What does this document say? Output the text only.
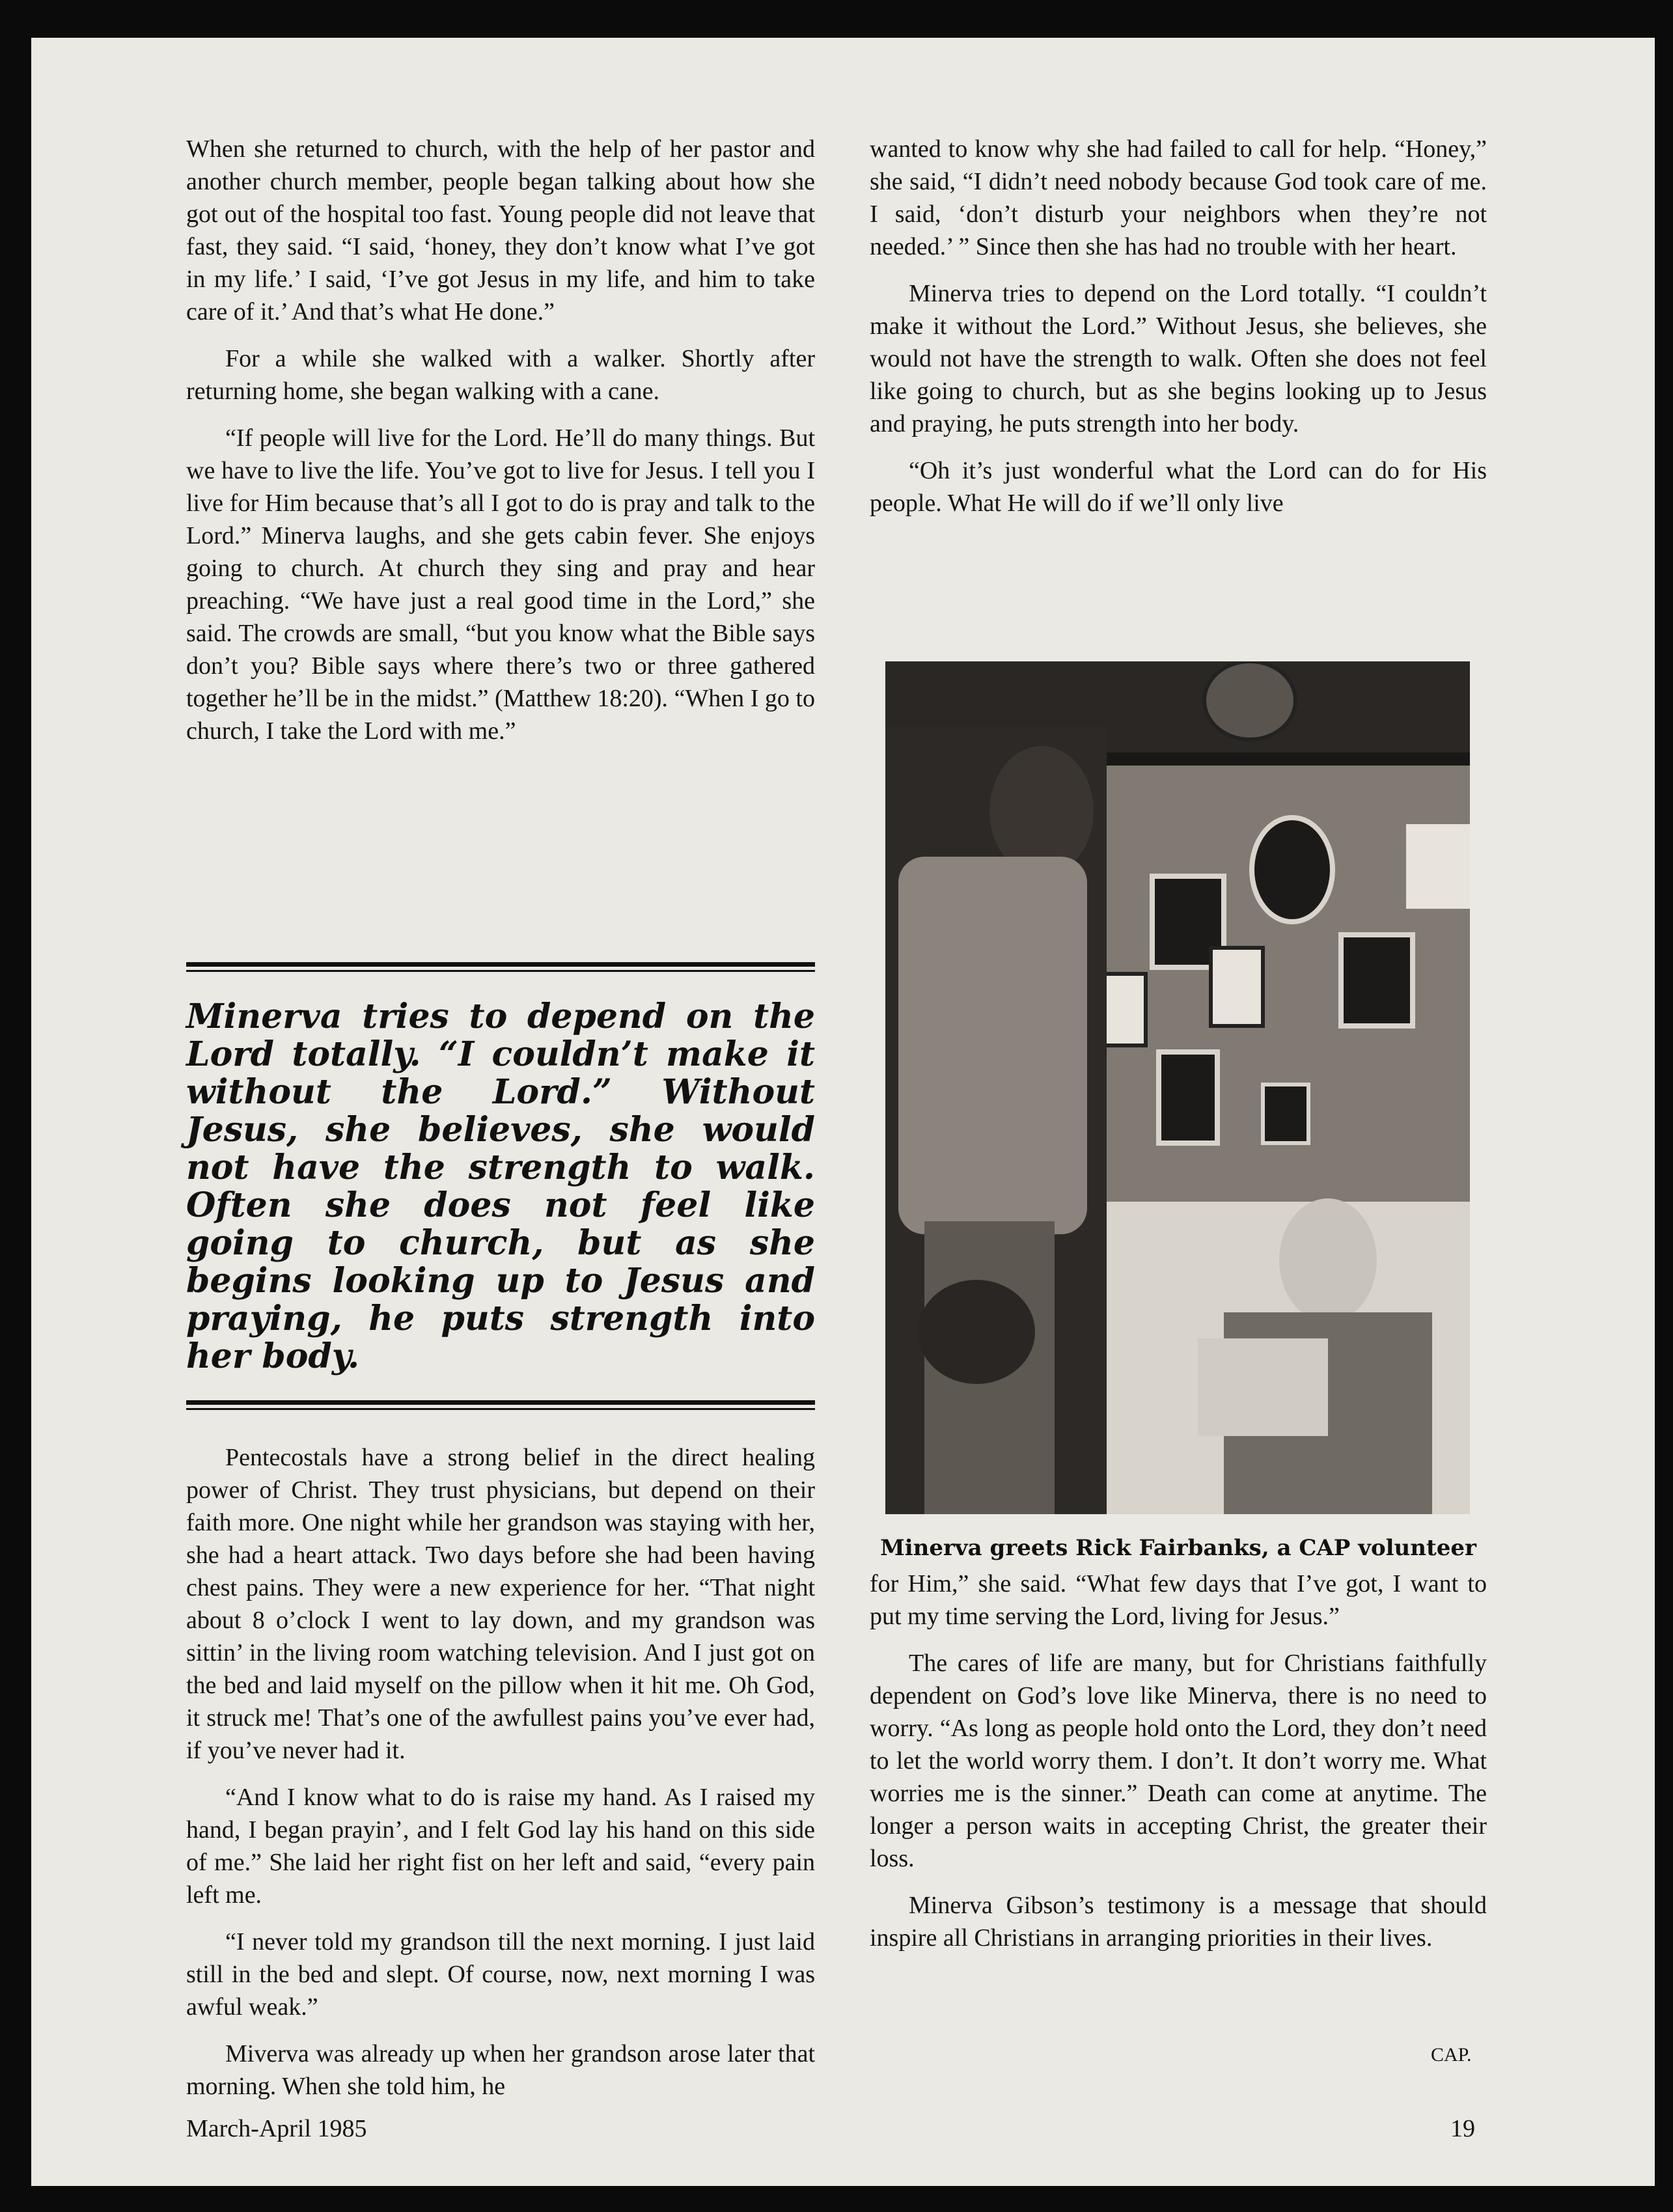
When she returned to church, with the help of her pastor and another church member, people began talking about how she got out of the hospital too fast. Young people did not leave that fast, they said. “I said, ‘honey, they don’t know what I’ve got in my life.’ I said, ‘I’ve got Jesus in my life, and him to take care of it.’ And that’s what He done.”

For a while she walked with a walker. Shortly after returning home, she began walking with a cane.

“If people will live for the Lord. He’ll do many things. But we have to live the life. You’ve got to live for Jesus. I tell you I live for Him because that’s all I got to do is pray and talk to the Lord.” Minerva laughs, and she gets cabin fever. She enjoys going to church. At church they sing and pray and hear preaching. “We have just a real good time in the Lord,” she said. The crowds are small, “but you know what the Bible says don’t you? Bible says where there’s two or three gathered together he’ll be in the midst.” (Matthew 18:20). “When I go to church, I take the Lord with me.”

Minerva tries to depend on the Lord totally. “I couldn’t make it without the Lord.” Without Jesus, she believes, she would not have the strength to walk. Often she does not feel like going to church, but as she begins looking up to Jesus and praying, he puts strength into her body.

Pentecostals have a strong belief in the direct healing power of Christ. They trust physicians, but depend on their faith more. One night while her grandson was staying with her, she had a heart attack. Two days before she had been having chest pains. They were a new experience for her. “That night about 8 o’clock I went to lay down, and my grandson was sittin’ in the living room watching television. And I just got on the bed and laid myself on the pillow when it hit me. Oh God, it struck me! That’s one of the awfullest pains you’ve ever had, if you’ve never had it.

“And I know what to do is raise my hand. As I raised my hand, I began prayin’, and I felt God lay his hand on this side of me.” She laid her right fist on her left and said, “every pain left me.

“I never told my grandson till the next morning. I just laid still in the bed and slept. Of course, now, next morning I was awful weak.”

Miverva was already up when her grandson arose later that morning. When she told him, he

wanted to know why she had failed to call for help. “Honey,” she said, “I didn’t need nobody because God took care of me. I said, ‘don’t disturb your neighbors when they’re not needed.’ ” Since then she has had no trouble with her heart.

Minerva tries to depend on the Lord totally. “I couldn’t make it without the Lord.” Without Jesus, she believes, she would not have the strength to walk. Often she does not feel like going to church, but as she begins looking up to Jesus and praying, he puts strength into her body.

“Oh it’s just wonderful what the Lord can do for His people. What He will do if we’ll only live

Minerva greets Rick Fairbanks, a CAP volunteer

for Him,” she said. “What few days that I’ve got, I want to put my time serving the Lord, living for Jesus.”

The cares of life are many, but for Christians faithfully dependent on God’s love like Minerva, there is no need to worry. “As long as people hold onto the Lord, they don’t need to let the world worry them. I don’t. It don’t worry me. What worries me is the sinner.” Death can come at anytime. The longer a person waits in accepting Christ, the greater their loss.

Minerva Gibson’s testimony is a message that should inspire all Christians in arranging priorities in their lives.

CAP.
March-April 1985	19
